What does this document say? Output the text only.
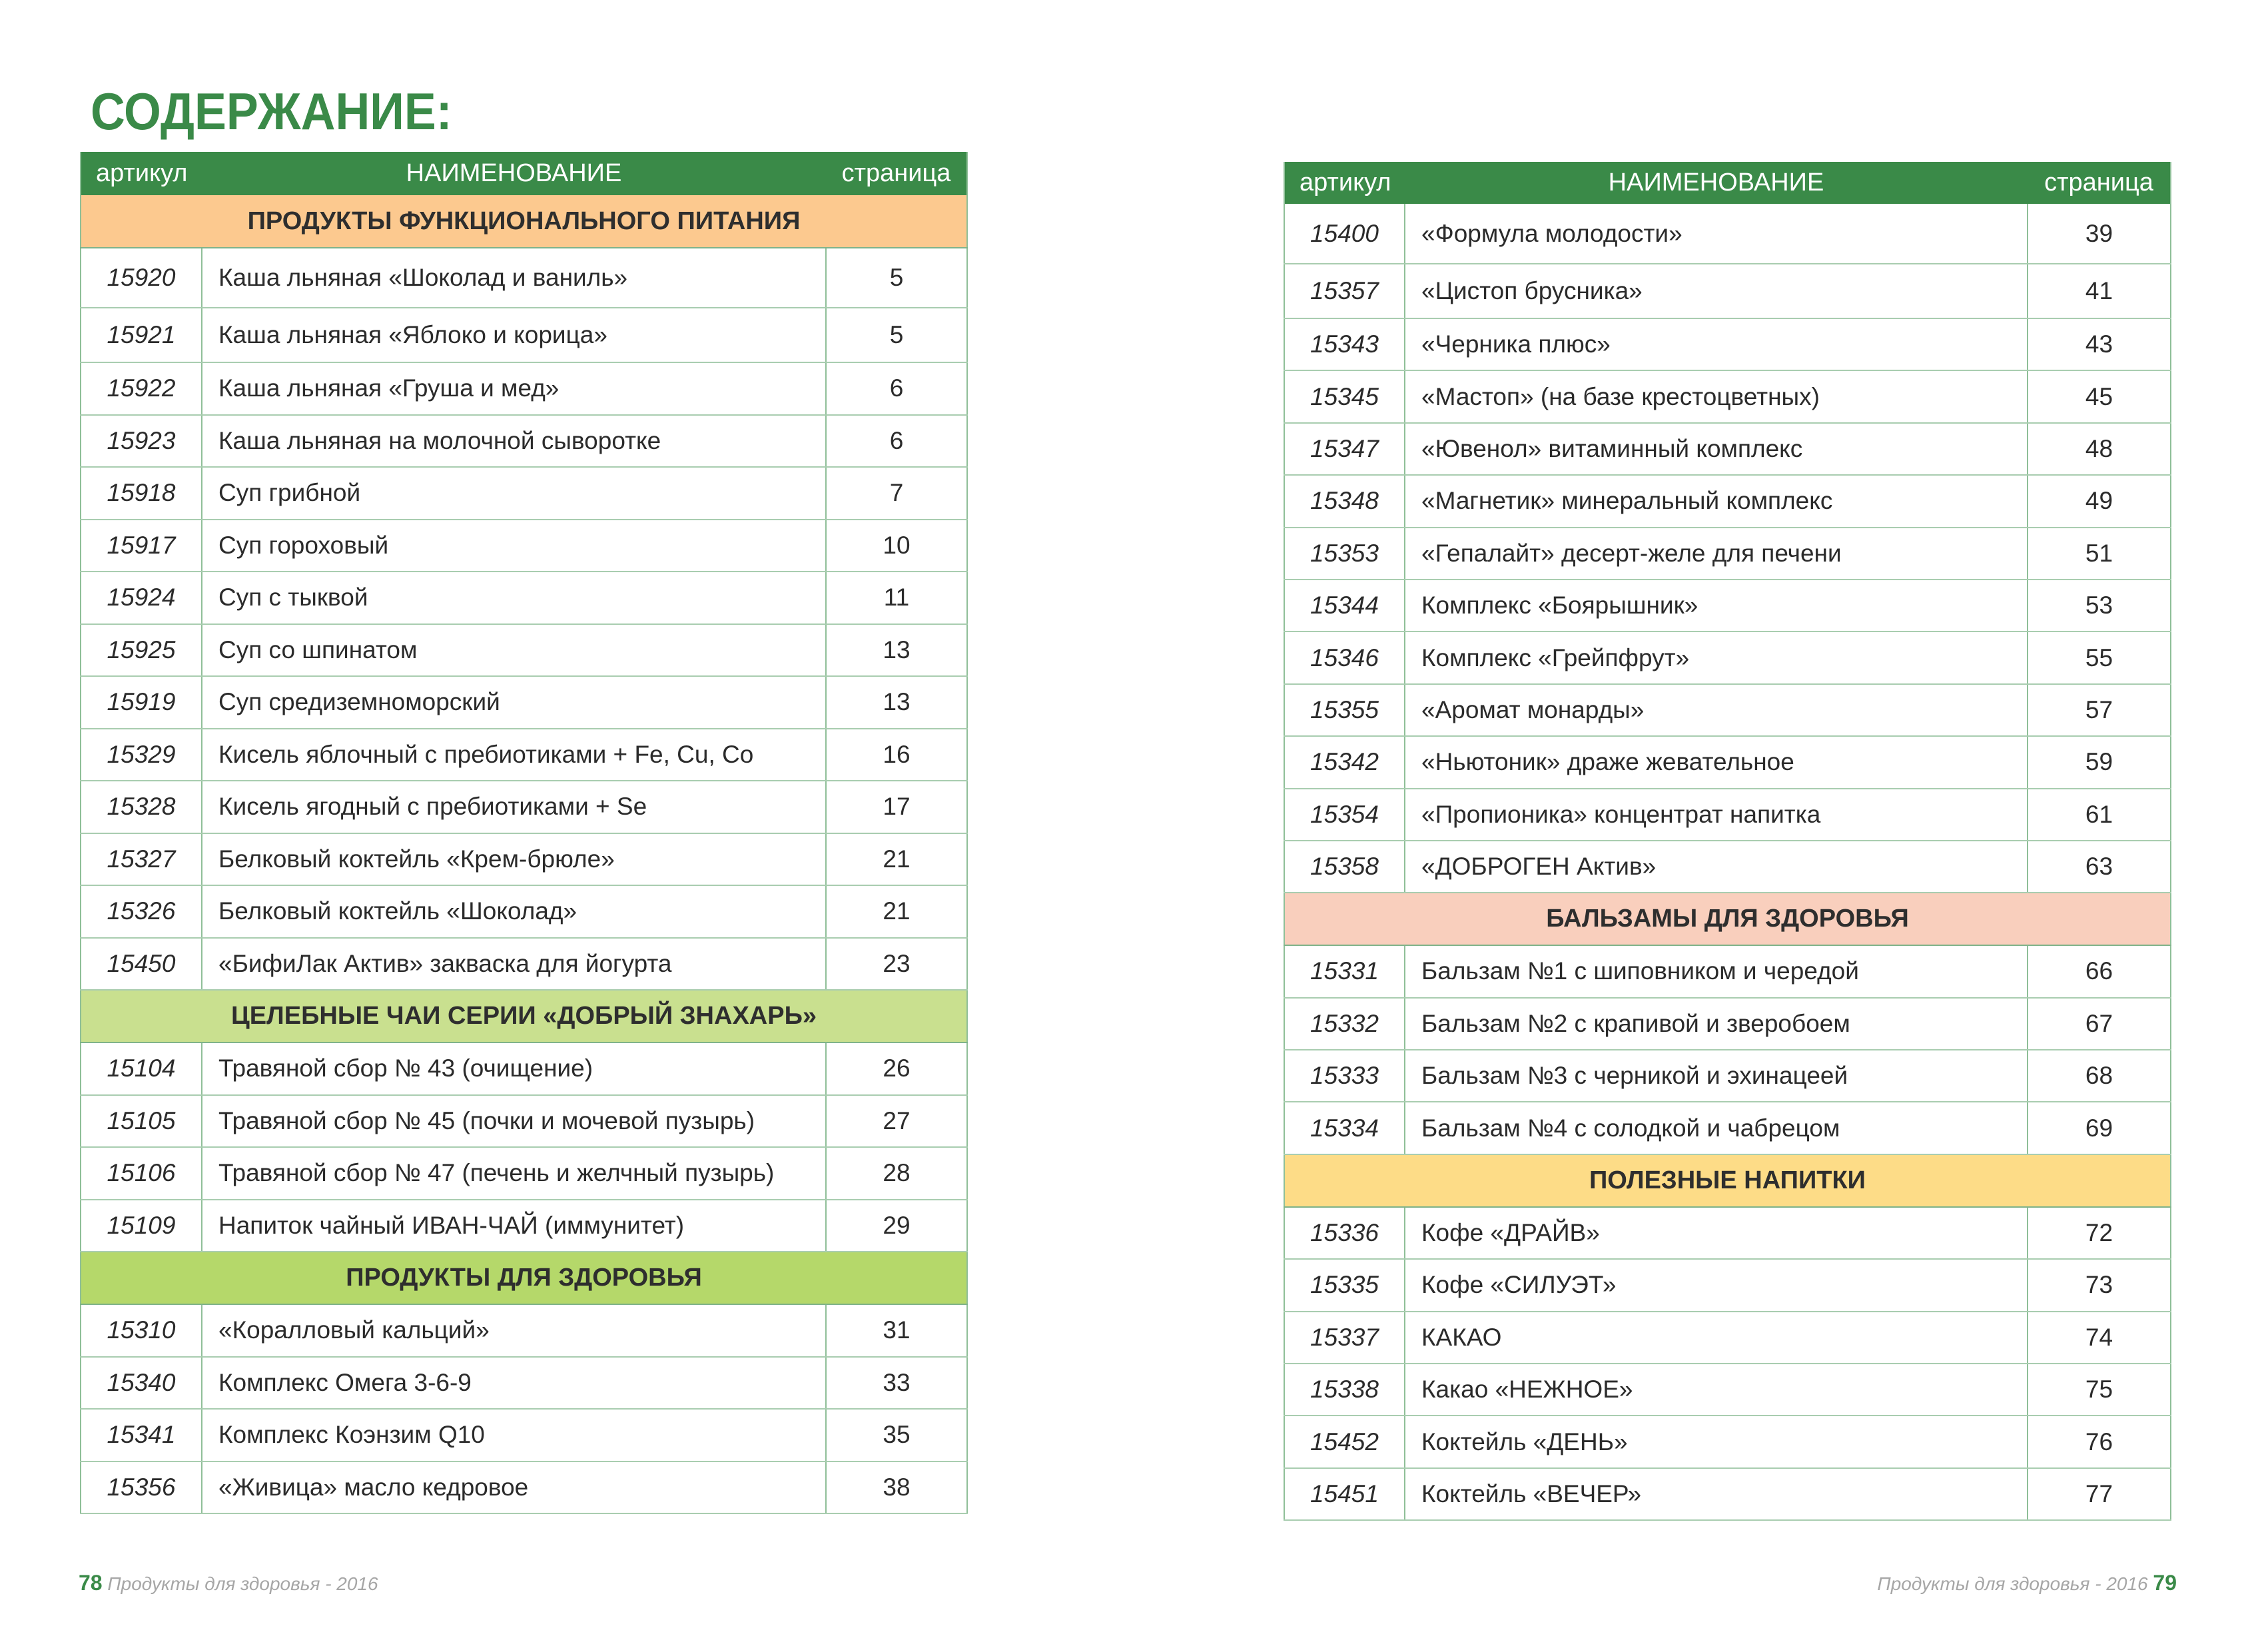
СОДЕРЖАНИЕ:
артикул	НАИМЕНОВАНИЕ	страница
ПРОДУКТЫ ФУНКЦИОНАЛЬНОГО ПИТАНИЯ		
15920	Каша льняная «Шоколад и ваниль»	5
15921	Каша льняная «Яблоко и корица»	5
15922	Каша льняная «Груша и мед»	6
15923	Каша льняная на молочной сыворотке	6
15918	Суп грибной	7
15917	Суп гороховый	10
15924	Суп с тыквой	11
15925	Суп со шпинатом	13
15919	Суп средиземноморский	13
15329	Кисель яблочный с пребиотиками + Fe, Cu, Co	16
15328	Кисель ягодный с пребиотиками + Se	17
15327	Белковый коктейль «Крем-брюле»	21
15326	Белковый коктейль «Шоколад»	21
15450	«БифиЛак Актив» закваска для йогурта	23
ЦЕЛЕБНЫЕ ЧАИ СЕРИИ «ДОБРЫЙ ЗНАХАРЬ»		
15104	Травяной сбор № 43 (очищение)	26
15105	Травяной сбор № 45 (почки и мочевой пузырь)	27
15106	Травяной сбор № 47 (печень и желчный пузырь)	28
15109	Напиток чайный ИВАН-ЧАЙ (иммунитет)	29
ПРОДУКТЫ ДЛЯ ЗДОРОВЬЯ		
15310	«Коралловый кальций»	31
15340	Комплекс Омега 3-6-9	33
15341	Комплекс Коэнзим Q10	35
15356	«Живица» масло кедровое	38
артикул	НАИМЕНОВАНИЕ	страница
15400	«Формула молодости»	39
15357	«Цистоп брусника»	41
15343	«Черника плюс»	43
15345	«Мастоп» (на базе крестоцветных)	45
15347	«Ювенол» витаминный комплекс	48
15348	«Магнетик» минеральный комплекс	49
15353	«Гепалайт» десерт-желе для печени	51
15344	Комплекс «Боярышник»	53
15346	Комплекс «Грейпфрут»	55
15355	«Аромат монарды»	57
15342	«Ньютоник» драже жевательное	59
15354	«Пропионика» концентрат напитка	61
15358	«ДОБРОГЕН Актив»	63
БАЛЬЗАМЫ ДЛЯ ЗДОРОВЬЯ		
15331	Бальзам №1 с шиповником и чередой	66
15332	Бальзам №2 с крапивой и зверобоем	67
15333	Бальзам №3 с черникой и эхинацеей	68
15334	Бальзам №4 с солодкой и чабрецом	69
ПОЛЕЗНЫЕ НАПИТКИ		
15336	Кофе «ДРАЙВ»	72
15335	Кофе «СИЛУЭТ»	73
15337	КАКАО	74
15338	Какао «НЕЖНОЕ»	75
15452	Коктейль «ДЕНЬ»	76
15451	Коктейль «ВЕЧЕР»	77
78 Продукты для здоровья - 2016	Продукты для здоровья - 2016 79
